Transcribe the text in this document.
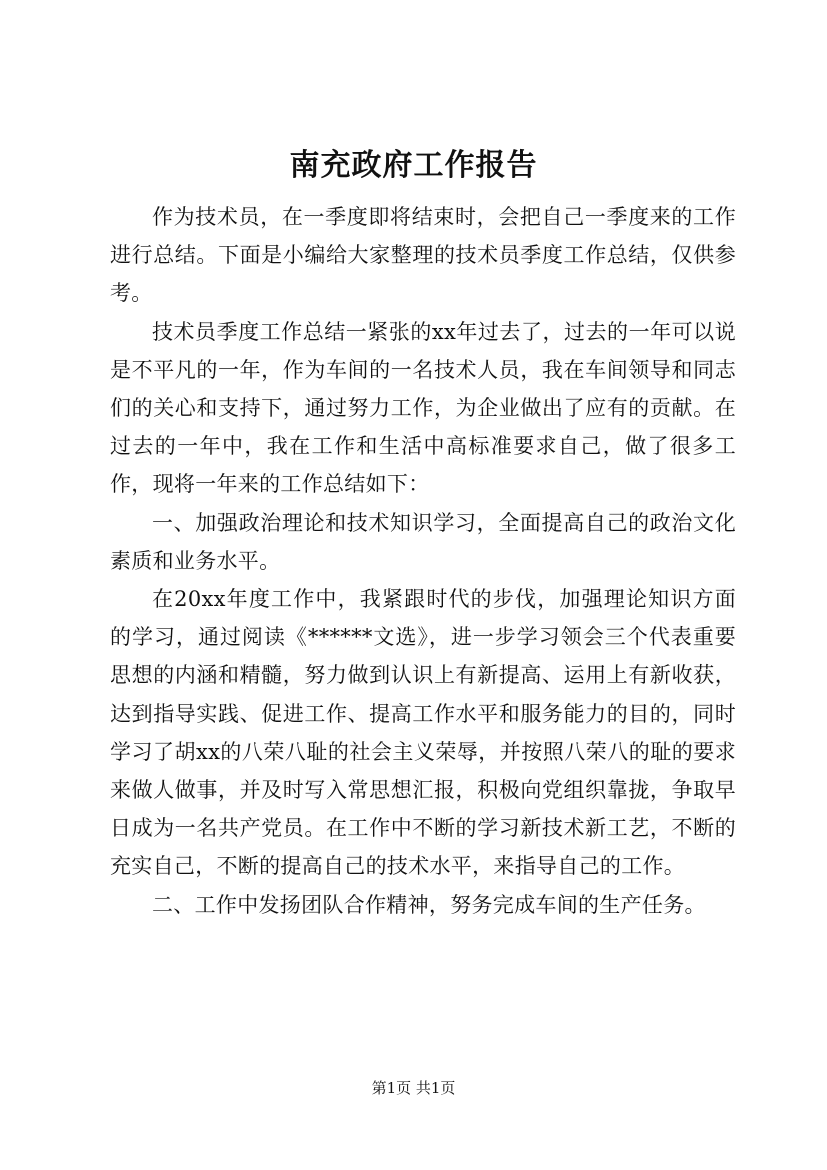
南充政府工作报告

作为技术员，在一季度即将结束时，会把自己一季度来的工作进行总结。下面是小编给大家整理的技术员季度工作总结，仅供参考。

技术员季度工作总结一紧张的xx年过去了，过去的一年可以说是不平凡的一年，作为车间的一名技术人员，我在车间领导和同志们的关心和支持下，通过努力工作，为企业做出了应有的贡献。在过去的一年中，我在工作和生活中高标准要求自己，做了很多工作，现将一年来的工作总结如下：

一、加强政治理论和技术知识学习，全面提高自己的政治文化素质和业务水平。

在20xx年度工作中，我紧跟时代的步伐，加强理论知识方面的学习，通过阅读《******文选》，进一步学习领会三个代表重要思想的内涵和精髓，努力做到认识上有新提高、运用上有新收获，达到指导实践、促进工作、提高工作水平和服务能力的目的，同时学习了胡xx的八荣八耻的社会主义荣辱，并按照八荣八的耻的要求来做人做事，并及时写入常思想汇报，积极向党组织靠拢，争取早日成为一名共产党员。在工作中不断的学习新技术新工艺，不断的充实自己，不断的提高自己的技术水平，来指导自己的工作。

二、工作中发扬团队合作精神，努务完成车间的生产任务。

第1页 共1页
